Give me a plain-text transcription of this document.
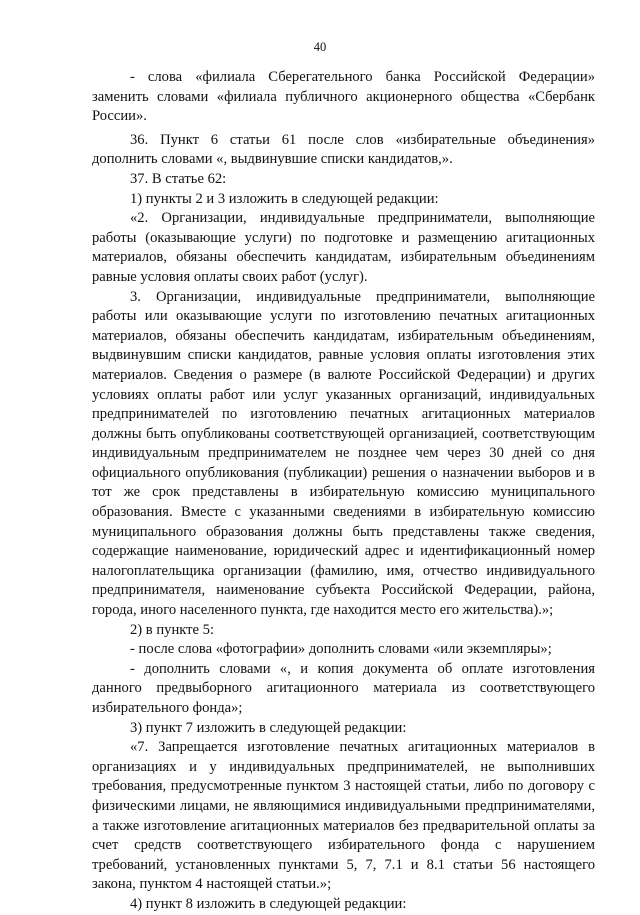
40

- слова «филиала Сберегательного банка Российской Федерации» заменить словами «филиала публичного акционерного общества «Сбербанк России».

36. Пункт 6 статьи 61 после слов «избирательные объединения» дополнить словами «, выдвинувшие списки кандидатов,».

37. В статье 62:

1) пункты 2 и 3 изложить в следующей редакции:

«2. Организации, индивидуальные предприниматели, выполняющие работы (оказывающие услуги) по подготовке и размещению агитационных материалов, обязаны обеспечить кандидатам, избирательным объединениям равные условия оплаты своих работ (услуг).

3. Организации, индивидуальные предприниматели, выполняющие работы или оказывающие услуги по изготовлению печатных агитационных материалов, обязаны обеспечить кандидатам, избирательным объединениям, выдвинувшим списки кандидатов, равные условия оплаты изготовления этих материалов. Сведения о размере (в валюте Российской Федерации) и других условиях оплаты работ или услуг указанных организаций, индивидуальных предпринимателей по изготовлению печатных агитационных материалов должны быть опубликованы соответствующей организацией, соответствующим индивидуальным предпринимателем не позднее чем через 30 дней со дня официального опубликования (публикации) решения о назначении выборов и в тот же срок представлены в избирательную комиссию муниципального образования. Вместе с указанными сведениями в избирательную комиссию муниципального образования должны быть представлены также сведения, содержащие наименование, юридический адрес и идентификационный номер налогоплательщика организации (фамилию, имя, отчество индивидуального предпринимателя, наименование субъекта Российской Федерации, района, города, иного населенного пункта, где находится место его жительства).»;

2) в пункте 5:

- после слова «фотографии» дополнить словами «или экземпляры»;

- дополнить словами «, и копия документа об оплате изготовления данного предвыборного агитационного материала из соответствующего избирательного фонда»;

3) пункт 7 изложить в следующей редакции:

«7. Запрещается изготовление печатных агитационных материалов в организациях и у индивидуальных предпринимателей, не выполнивших требования, предусмотренные пунктом 3 настоящей статьи, либо по договору с физическими лицами, не являющимися индивидуальными предпринимателями, а также изготовление агитационных материалов без предварительной оплаты за счет средств соответствующего избирательного фонда с нарушением требований, установленных пунктами 5, 7, 7.1 и 8.1 статьи 56 настоящего закона, пунктом 4 настоящей статьи.»;

4) пункт 8 изложить в следующей редакции:
